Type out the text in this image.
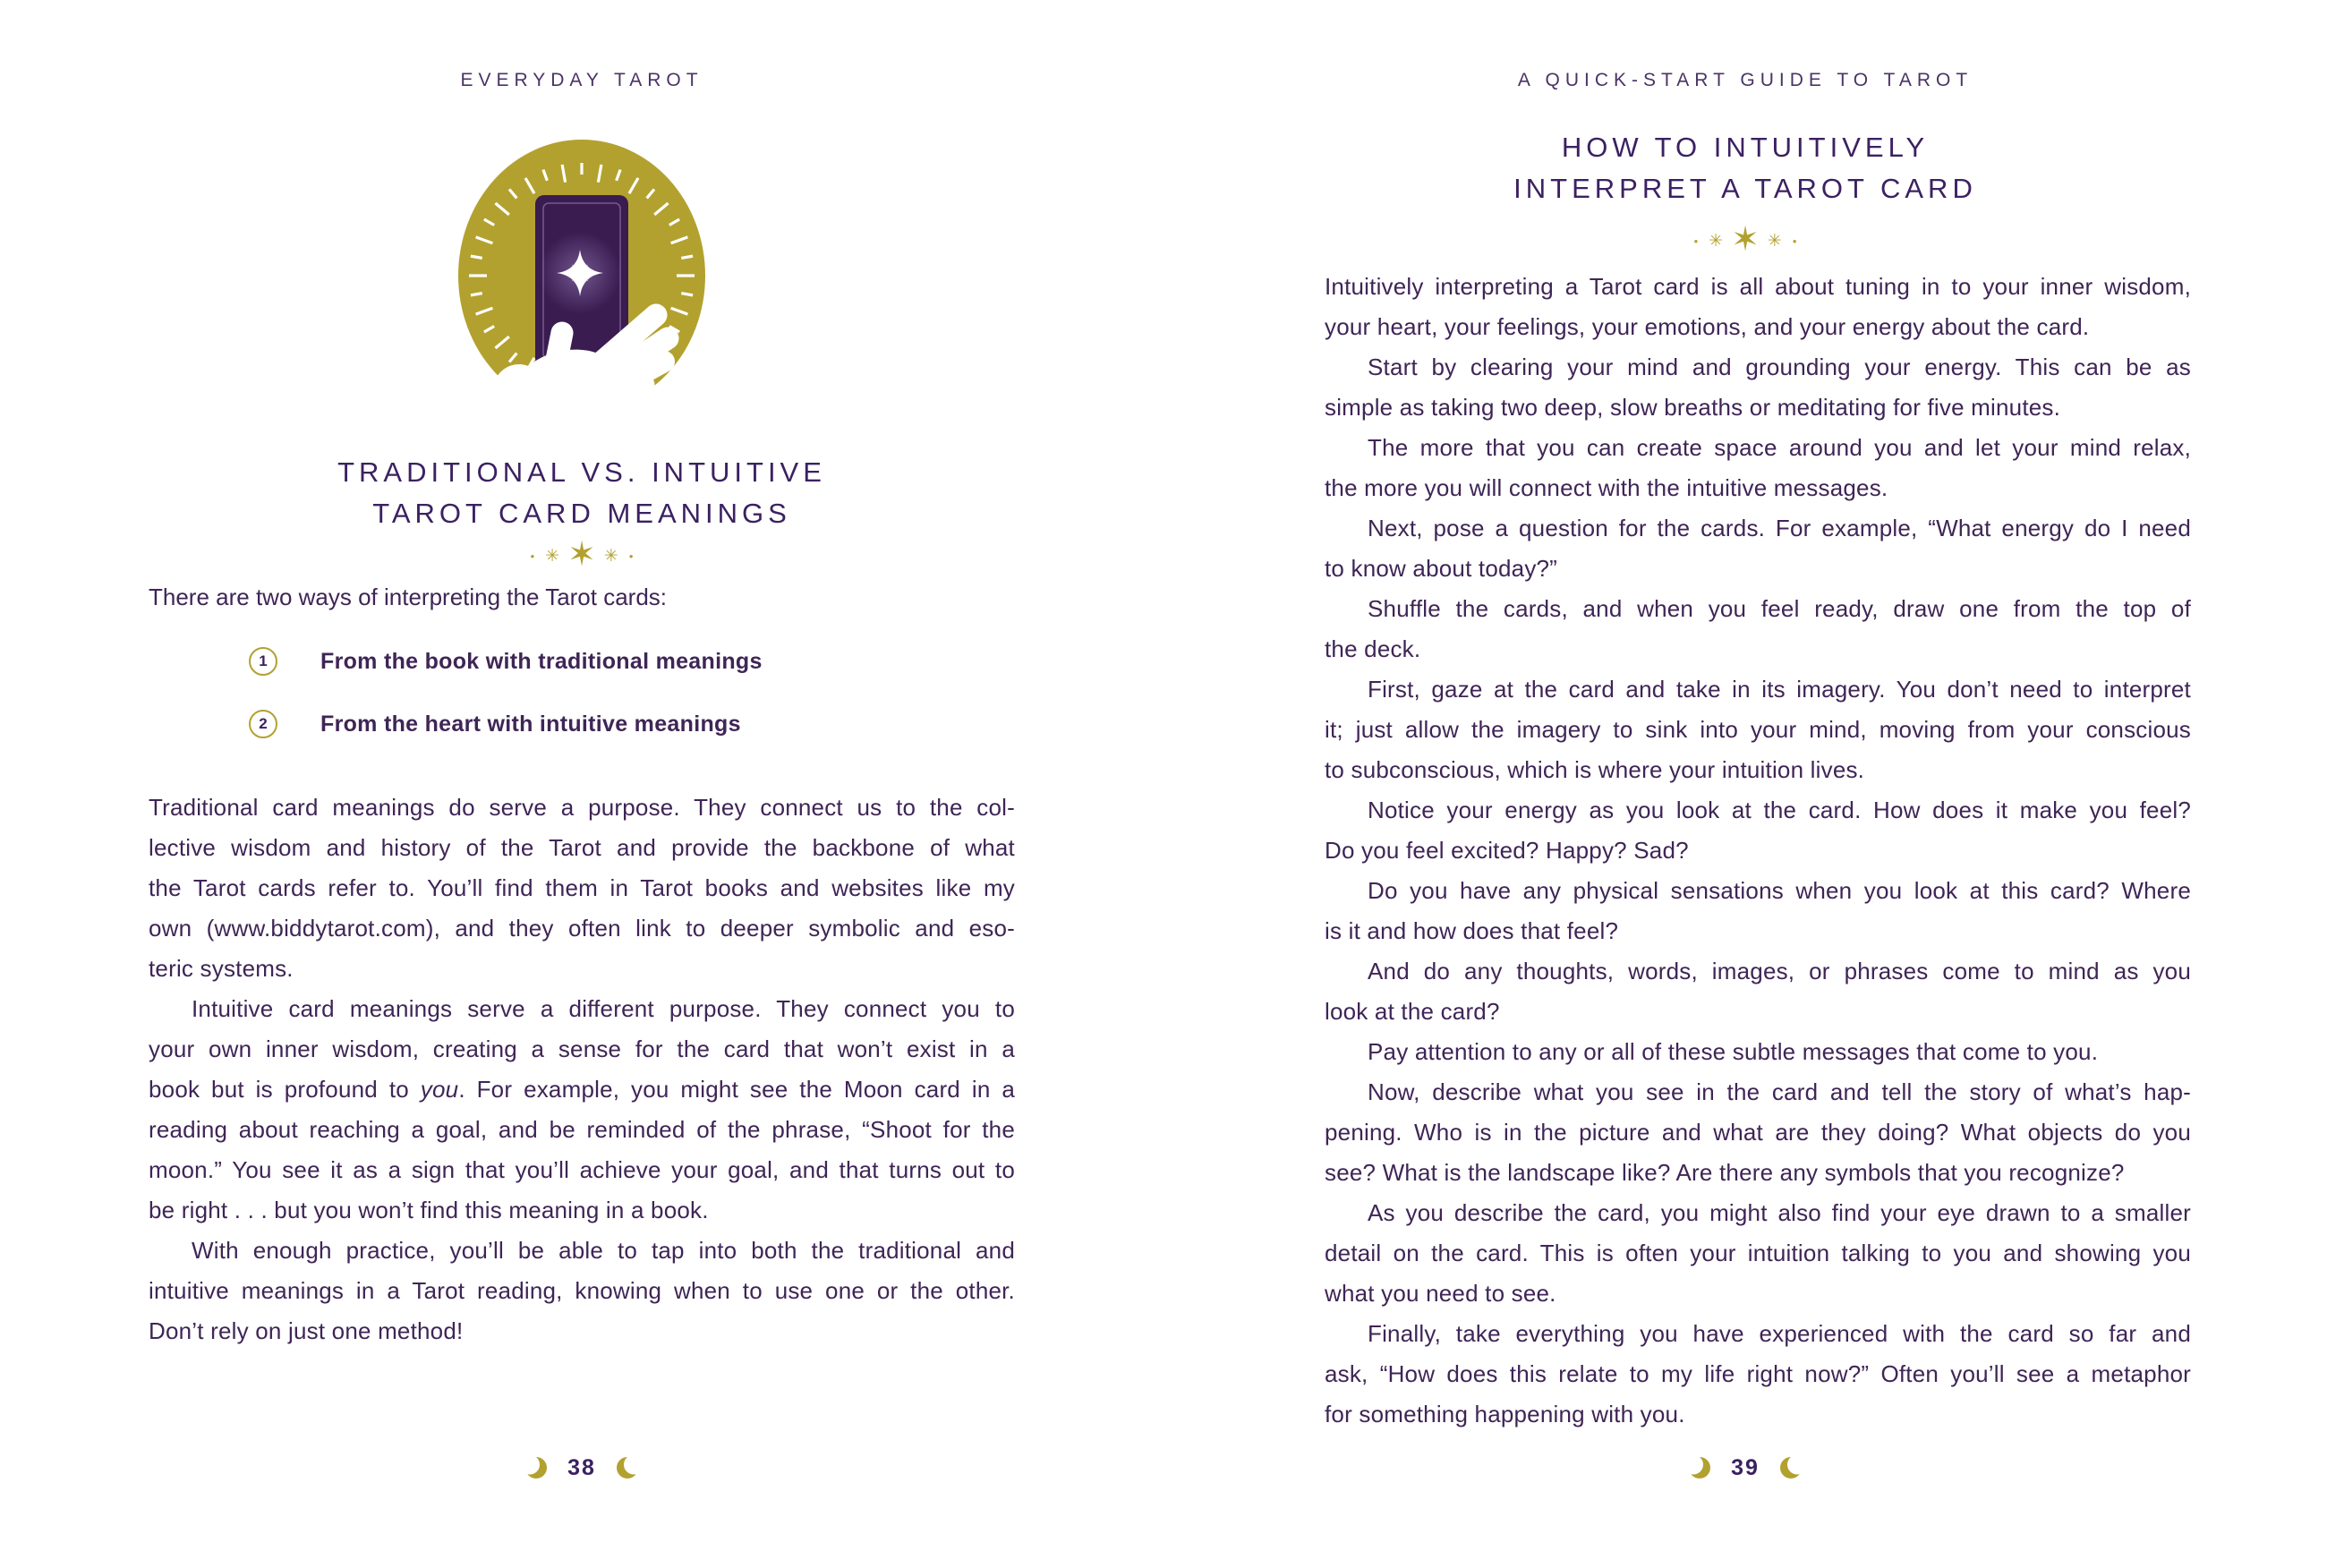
EVERYDAY TAROT
TRADITIONAL VS. INTUITIVE
TAROT CARD MEANINGS
• ✳ ✶ ✳ •
There are two ways of interpreting the Tarot cards:
1	From the book with traditional meanings
2	From the heart with intuitive meanings
Traditional card meanings do serve a purpose. They connect us to the col-
lective wisdom and history of the Tarot and provide the backbone of what
the Tarot cards refer to. You’ll find them in Tarot books and websites like my
own (www.biddytarot.com), and they often link to deeper symbolic and eso-
teric systems.
Intuitive card meanings serve a different purpose. They connect you to
your own inner wisdom, creating a sense for the card that won’t exist in a
book but is profound to you. For example, you might see the Moon card in a
reading about reaching a goal, and be reminded of the phrase, “Shoot for the
moon.” You see it as a sign that you’ll achieve your goal, and that turns out to
be right . . . but you won’t find this meaning in a book.
With enough practice, you’ll be able to tap into both the traditional and
intuitive meanings in a Tarot reading, knowing when to use one or the other.
Don’t rely on just one method!
38
A QUICK-START GUIDE TO TAROT
HOW TO INTUITIVELY
INTERPRET A TAROT CARD
• ✳ ✶ ✳ •
Intuitively interpreting a Tarot card is all about tuning in to your inner wisdom,
your heart, your feelings, your emotions, and your energy about the card.
Start by clearing your mind and grounding your energy. This can be as
simple as taking two deep, slow breaths or meditating for five minutes.
The more that you can create space around you and let your mind relax,
the more you will connect with the intuitive messages.
Next, pose a question for the cards. For example, “What energy do I need
to know about today?”
Shuffle the cards, and when you feel ready, draw one from the top of
the deck.
First, gaze at the card and take in its imagery. You don’t need to interpret
it; just allow the imagery to sink into your mind, moving from your conscious
to subconscious, which is where your intuition lives.
Notice your energy as you look at the card. How does it make you feel?
Do you feel excited? Happy? Sad?
Do you have any physical sensations when you look at this card? Where
is it and how does that feel?
And do any thoughts, words, images, or phrases come to mind as you
look at the card?
Pay attention to any or all of these subtle messages that come to you.
Now, describe what you see in the card and tell the story of what’s hap-
pening. Who is in the picture and what are they doing? What objects do you
see? What is the landscape like? Are there any symbols that you recognize?
As you describe the card, you might also find your eye drawn to a smaller
detail on the card. This is often your intuition talking to you and showing you
what you need to see.
Finally, take everything you have experienced with the card so far and
ask, “How does this relate to my life right now?” Often you’ll see a metaphor
for something happening with you.
39
